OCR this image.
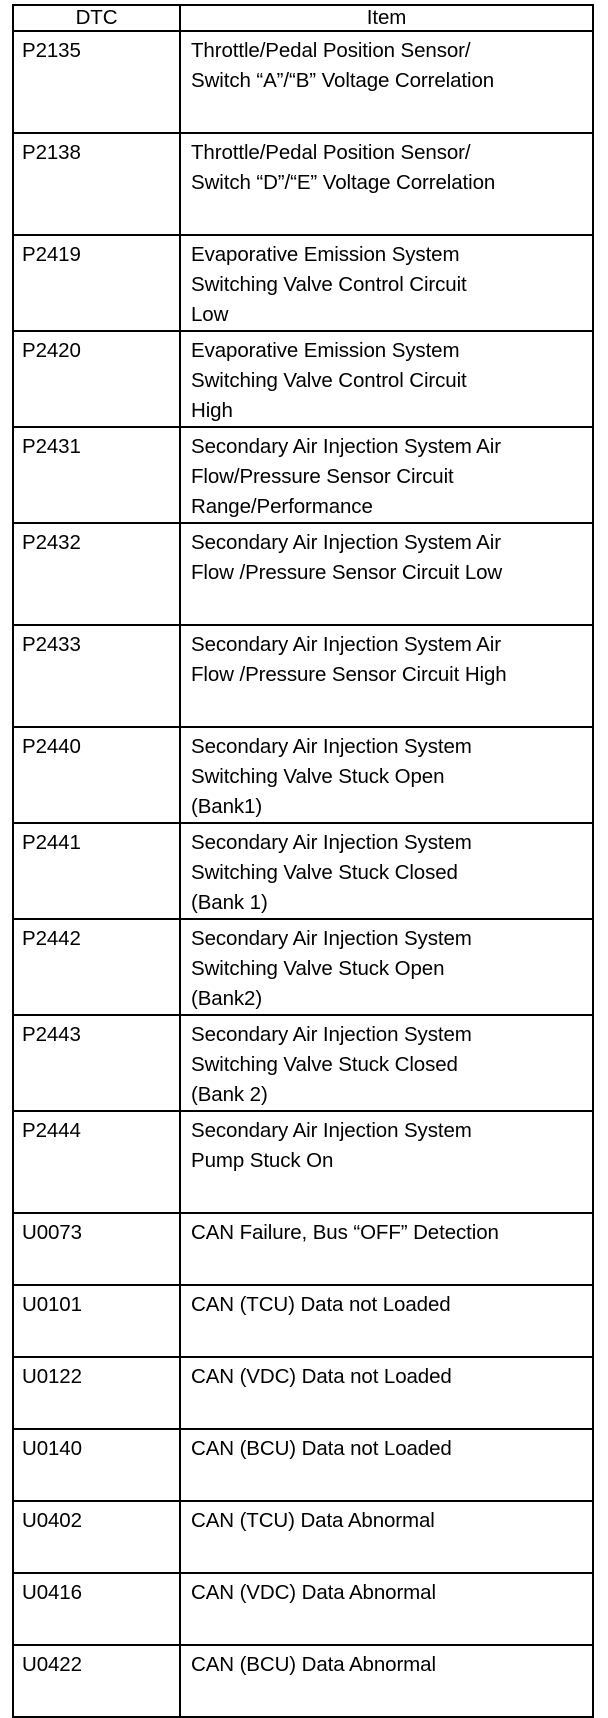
DTC	Item
P2135	Throttle/Pedal Position Sensor/
Switch “A”/“B” Voltage Correlation

P2138	Throttle/Pedal Position Sensor/
Switch “D”/“E” Voltage Correlation

P2419	Evaporative Emission System
Switching Valve Control Circuit
Low

P2420	Evaporative Emission System
Switching Valve Control Circuit
High

P2431	Secondary Air Injection System Air
Flow/Pressure Sensor Circuit
Range/Performance

P2432	Secondary Air Injection System Air
Flow /Pressure Sensor Circuit Low

P2433	Secondary Air Injection System Air
Flow /Pressure Sensor Circuit High

P2440	Secondary Air Injection System
Switching Valve Stuck Open
(Bank1)

P2441	Secondary Air Injection System
Switching Valve Stuck Closed
(Bank 1)

P2442	Secondary Air Injection System
Switching Valve Stuck Open
(Bank2)

P2443	Secondary Air Injection System
Switching Valve Stuck Closed
(Bank 2)

P2444	Secondary Air Injection System
Pump Stuck On

U0073	CAN Failure, Bus “OFF” Detection

U0101	CAN (TCU) Data not Loaded

U0122	CAN (VDC) Data not Loaded

U0140	CAN (BCU) Data not Loaded

U0402	CAN (TCU) Data Abnormal

U0416	CAN (VDC) Data Abnormal

U0422	CAN (BCU) Data Abnormal
